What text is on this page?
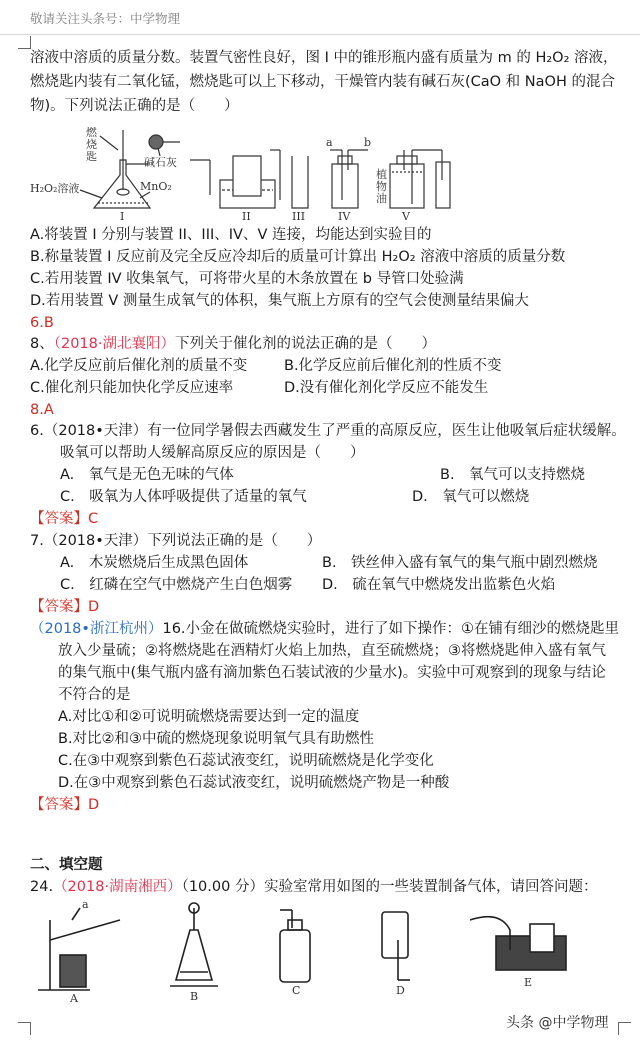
敬请关注头条号：中学物理
溶液中溶质的质量分数。装置气密性良好，图 I 中的锥形瓶内盛有质量为 m 的 H₂O₂ 溶液，
燃烧匙内装有二氧化锰，燃烧匙可以上下移动，干燥管内装有碱石灰(CaO 和 NaOH 的混合
物)。下列说法正确的是（　　）
燃
烧
匙	碱石灰
H₂O₂溶液	MnO₂
a	b
植
物
油
I	II	III	IV	V
A.将装置 I 分别与装置 II、III、IV、V 连接，均能达到实验目的
B.称量装置 I 反应前及完全反应冷却后的质量可计算出 H₂O₂ 溶液中溶质的质量分数
C.若用装置 IV 收集氧气，可将带火星的木条放置在 b 导管口处验满
D.若用装置 V 测量生成氧气的体积，集气瓶上方原有的空气会使测量结果偏大
6.B
8、（2018·湖北襄阳）下列关于催化剂的说法正确的是（　　）
A.化学反应前后催化剂的质量不变	B.化学反应前后催化剂的性质不变
C.催化剂只能加快化学反应速率	D.没有催化剂化学反应不能发生
8.A
6.（2018•天津）有一位同学暑假去西藏发生了严重的高原反应，医生让他吸氧后症状缓解。
吸氧可以帮助人缓解高原反应的原因是（　　）
A.　氧气是无色无味的气体	B.　氧气可以支持燃烧
C.　吸氧为人体呼吸提供了适量的氧气	D.　氧气可以燃烧
【答案】C
7.（2018•天津）下列说法正确的是（　　）
A.　木炭燃烧后生成黑色固体	B.　铁丝伸入盛有氧气的集气瓶中剧烈燃烧
C.　红磷在空气中燃烧产生白色烟雾 D.　硫在氧气中燃烧发出监紫色火焰
【答案】D
（2018•浙江杭州）16.小金在做硫燃烧实验时，进行了如下操作：①在铺有细沙的燃烧匙里
放入少量硫；②将燃烧匙在酒精灯火焰上加热，直至硫燃烧；③将燃烧匙伸入盛有氧气
的集气瓶中(集气瓶内盛有滴加紫色石装试液的少量水)。实验中可观察到的现象与结论
不符合的是
A.对比①和②可说明硫燃烧需要达到一定的温度
B.对比②和③中硫的燃烧现象说明氧气具有助燃性
C.在③中观察到紫色石蕊试液变红，说明硫燃烧是化学变化
D.在③中观察到紫色石蕊试液变红，说明硫燃烧产物是一种酸
【答案】D
二、填空题
24.（2018·湖南湘西）（10.00 分）实验室常用如图的一些装置制备气体，请回答问题：
a
A	B	C	D
E
头条 @中学物理
